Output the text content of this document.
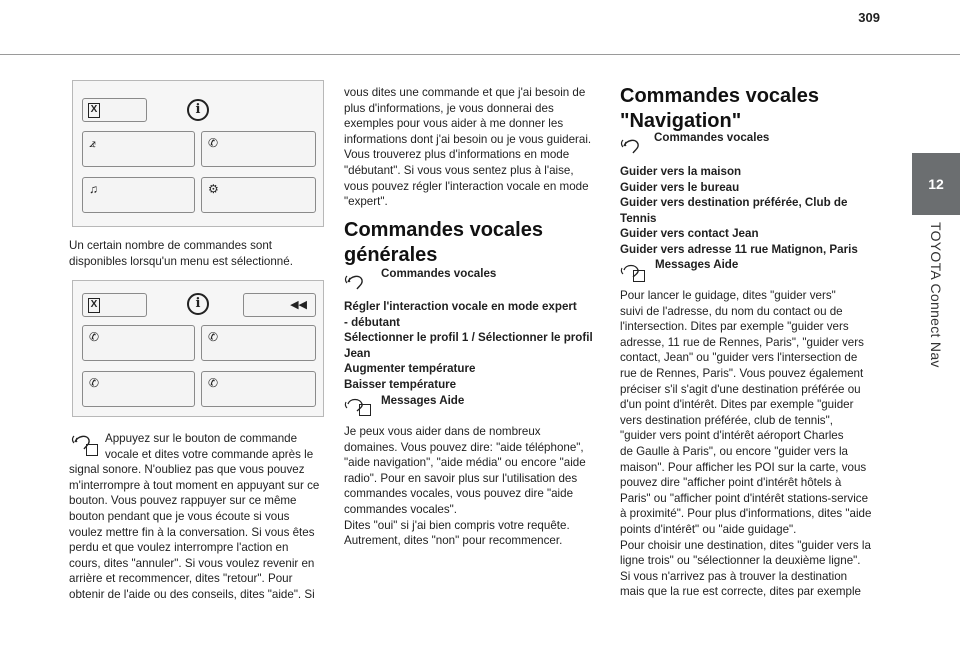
309
12
TOYOTA Connect Nav
X	i
⦨	✆
♫	⚙
Un certain nombre de commandes sont disponibles lorsqu'un menu est sélectionné.
X	i	◀◀
✆	✆
✆	✆
Appuyez sur le bouton de commande
vocale et dites votre commande après le
signal sonore. N'oubliez pas que vous pouvez
m'interrompre à tout moment en appuyant sur ce
bouton. Vous pouvez rappuyer sur ce même
bouton pendant que je vous écoute si vous
voulez mettre fin à la conversation. Si vous êtes
perdu et que voulez interrompre l'action en
cours, dites "annuler". Si vous voulez revenir en
arrière et recommencer, dites "retour". Pour
obtenir de l'aide ou des conseils, dites "aide". Si
vous dites une commande et que j'ai besoin de
plus d'informations, je vous donnerai des
exemples pour vous aider à me donner les
informations dont j'ai besoin ou je vous guiderai.
Vous trouverez plus d'informations en mode
"débutant". Si vous vous sentez plus à l'aise,
vous pouvez régler l'interaction vocale en mode
"expert".
Commandes vocales
générales
Commandes vocales
Régler l'interaction vocale en mode expert
- débutant
Sélectionner le profil 1 / Sélectionner le profil
Jean
Augmenter température
Baisser température
Messages Aide
Je peux vous aider dans de nombreux
domaines. Vous pouvez dire: "aide téléphone",
"aide navigation", "aide média" ou encore "aide
radio". Pour en savoir plus sur l'utilisation des
commandes vocales, vous pouvez dire "aide
commandes vocales".
Dites "oui" si j'ai bien compris votre requête.
Autrement, dites "non" pour recommencer.
Commandes vocales
"Navigation"
Commandes vocales
Guider vers la maison
Guider vers le bureau
Guider vers destination préférée, Club de
Tennis
Guider vers contact Jean
Guider vers adresse 11 rue Matignon, Paris
Messages Aide
Pour lancer le guidage, dites "guider vers"
suivi de l'adresse, du nom du contact ou de
l'intersection. Dites par exemple "guider vers
adresse, 11 rue de Rennes, Paris", "guider vers
contact, Jean" ou "guider vers l'intersection de
rue de Rennes, Paris". Vous pouvez également
préciser s'il s'agit d'une destination préférée ou
d'un point d'intérêt. Dites par exemple "guider
vers destination préférée, club de tennis",
"guider vers point d'intérêt aéroport Charles
de Gaulle à Paris", ou encore "guider vers la
maison". Pour afficher les POI sur la carte, vous
pouvez dire "afficher point d'intérêt hôtels à
Paris" ou "afficher point d'intérêt stations-service
à proximité". Pour plus d'informations, dites "aide
points d'intérêt" ou "aide guidage".
Pour choisir une destination, dites "guider vers la
ligne trois" ou "sélectionner la deuxième ligne".
Si vous n'arrivez pas à trouver la destination
mais que la rue est correcte, dites par exemple
